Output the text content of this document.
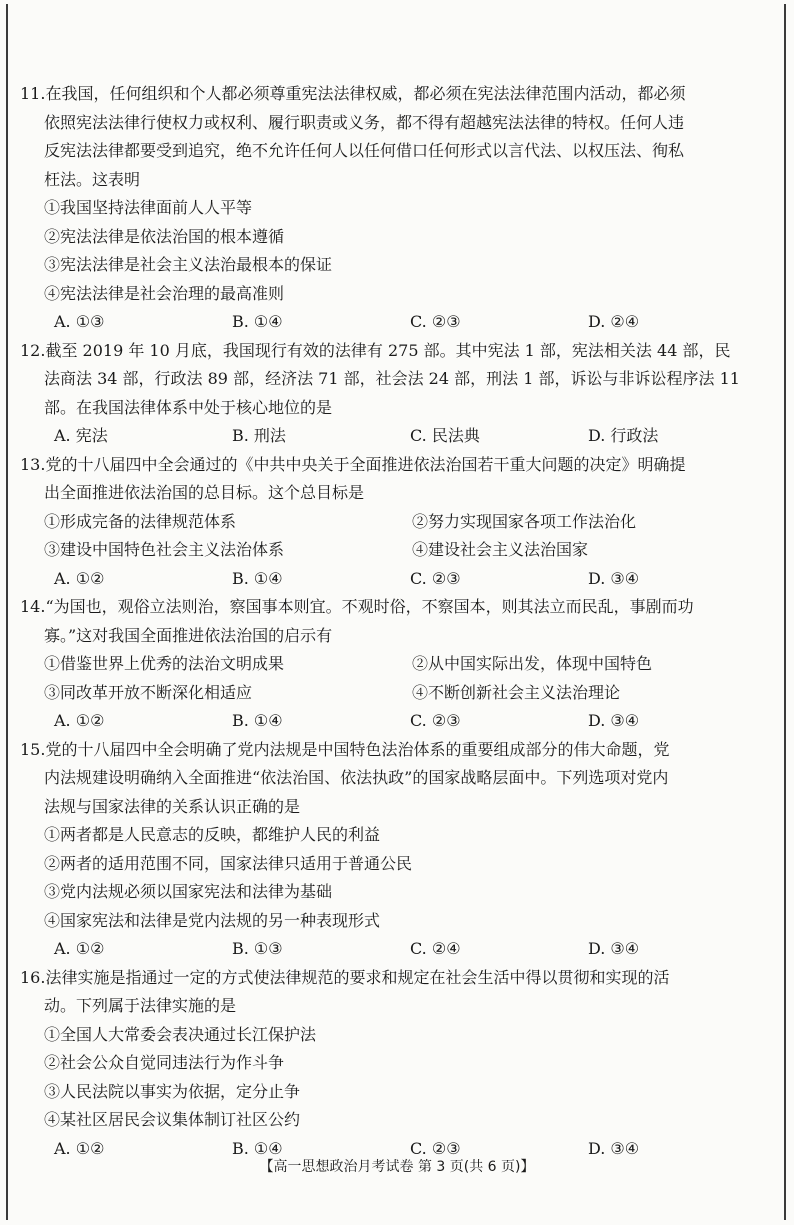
11.在我国，任何组织和个人都必须尊重宪法法律权威，都必须在宪法法律范围内活动，都必须
依照宪法法律行使权力或权利、履行职责或义务，都不得有超越宪法法律的特权。任何人违
反宪法法律都要受到追究，绝不允许任何人以任何借口任何形式以言代法、以权压法、徇私
枉法。这表明
①我国坚持法律面前人人平等
②宪法法律是依法治国的根本遵循
③宪法法律是社会主义法治最根本的保证
④宪法法律是社会治理的最高准则
A. ①③	B. ①④	C. ②③	D. ②④
12.截至 2019 年 10 月底，我国现行有效的法律有 275 部。其中宪法 1 部，宪法相关法 44 部，民
法商法 34 部，行政法 89 部，经济法 71 部，社会法 24 部，刑法 1 部，诉讼与非诉讼程序法 11
部。在我国法律体系中处于核心地位的是
A. 宪法	B. 刑法	C. 民法典	D. 行政法
13.党的十八届四中全会通过的《中共中央关于全面推进依法治国若干重大问题的决定》明确提
出全面推进依法治国的总目标。这个总目标是
①形成完备的法律规范体系	②努力实现国家各项工作法治化
③建设中国特色社会主义法治体系	④建设社会主义法治国家
A. ①②	B. ①④	C. ②③	D. ③④
14.“为国也，观俗立法则治，察国事本则宜。不观时俗，不察国本，则其法立而民乱，事剧而功
寡。”这对我国全面推进依法治国的启示有
①借鉴世界上优秀的法治文明成果	②从中国实际出发，体现中国特色
③同改革开放不断深化相适应	④不断创新社会主义法治理论
A. ①②	B. ①④	C. ②③	D. ③④
15.党的十八届四中全会明确了党内法规是中国特色法治体系的重要组成部分的伟大命题，党
内法规建设明确纳入全面推进“依法治国、依法执政”的国家战略层面中。下列选项对党内
法规与国家法律的关系认识正确的是
①两者都是人民意志的反映，都维护人民的利益
②两者的适用范围不同，国家法律只适用于普通公民
③党内法规必须以国家宪法和法律为基础
④国家宪法和法律是党内法规的另一种表现形式
A. ①②	B. ①③	C. ②④	D. ③④
16.法律实施是指通过一定的方式使法律规范的要求和规定在社会生活中得以贯彻和实现的活
动。下列属于法律实施的是
①全国人大常委会表决通过长江保护法
②社会公众自觉同违法行为作斗争
③人民法院以事实为依据，定分止争
④某社区居民会议集体制订社区公约
A. ①②	B. ①④	C. ②③	D. ③④
【高一思想政治月考试卷 第 3 页(共 6 页)】
